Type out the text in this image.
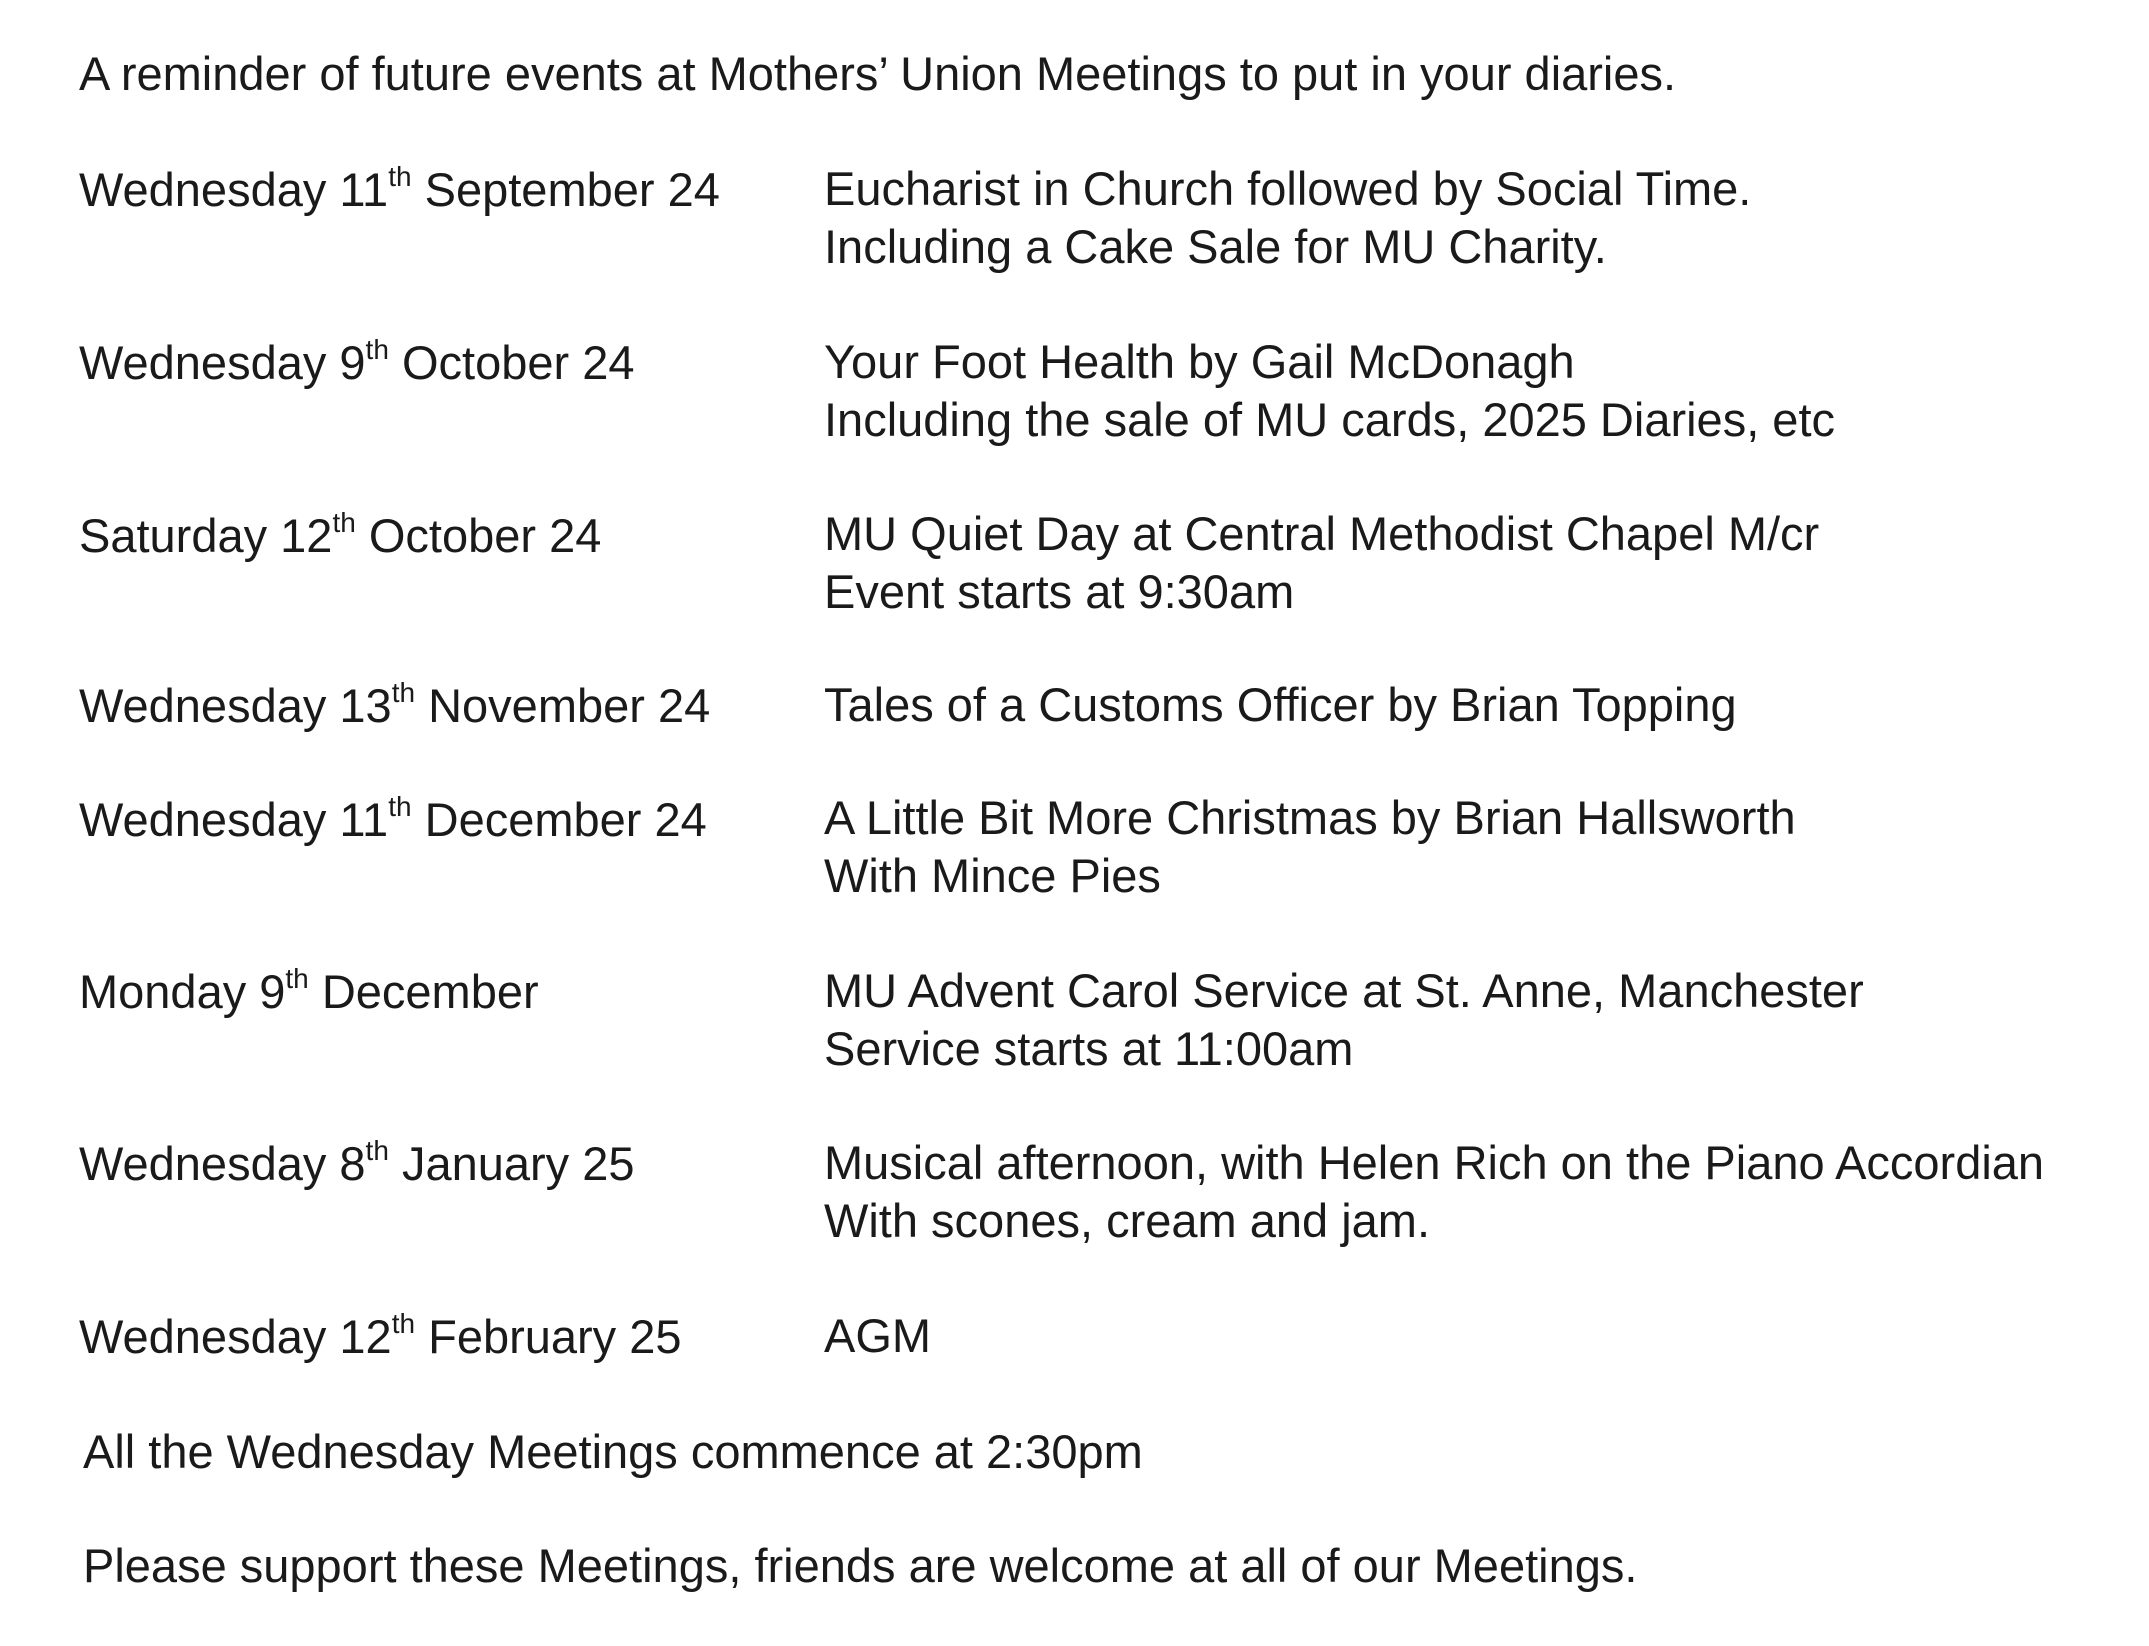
A reminder of future events at Mothers’ Union Meetings to put in your diaries.
Wednesday 11th September 24 Eucharist in Church followed by Social Time.
Including a Cake Sale for MU Charity.
Wednesday 9th October 24	Your Foot Health by Gail McDonagh
Including the sale of MU cards, 2025 Diaries, etc
Saturday 12th October 24	MU Quiet Day at Central Methodist Chapel M/cr
Event starts at 9:30am
Wednesday 13th November 24 Tales of a Customs Officer by Brian Topping
Wednesday 11th December 24 A Little Bit More Christmas by Brian Hallsworth
With Mince Pies
Monday 9th December	MU Advent Carol Service at St. Anne, Manchester
Service starts at 11:00am
Wednesday 8th January 25	Musical afternoon, with Helen Rich on the Piano Accordian
With scones, cream and jam.
Wednesday 12th February 25	AGM
All the Wednesday Meetings commence at 2:30pm
Please support these Meetings, friends are welcome at all of our Meetings.
